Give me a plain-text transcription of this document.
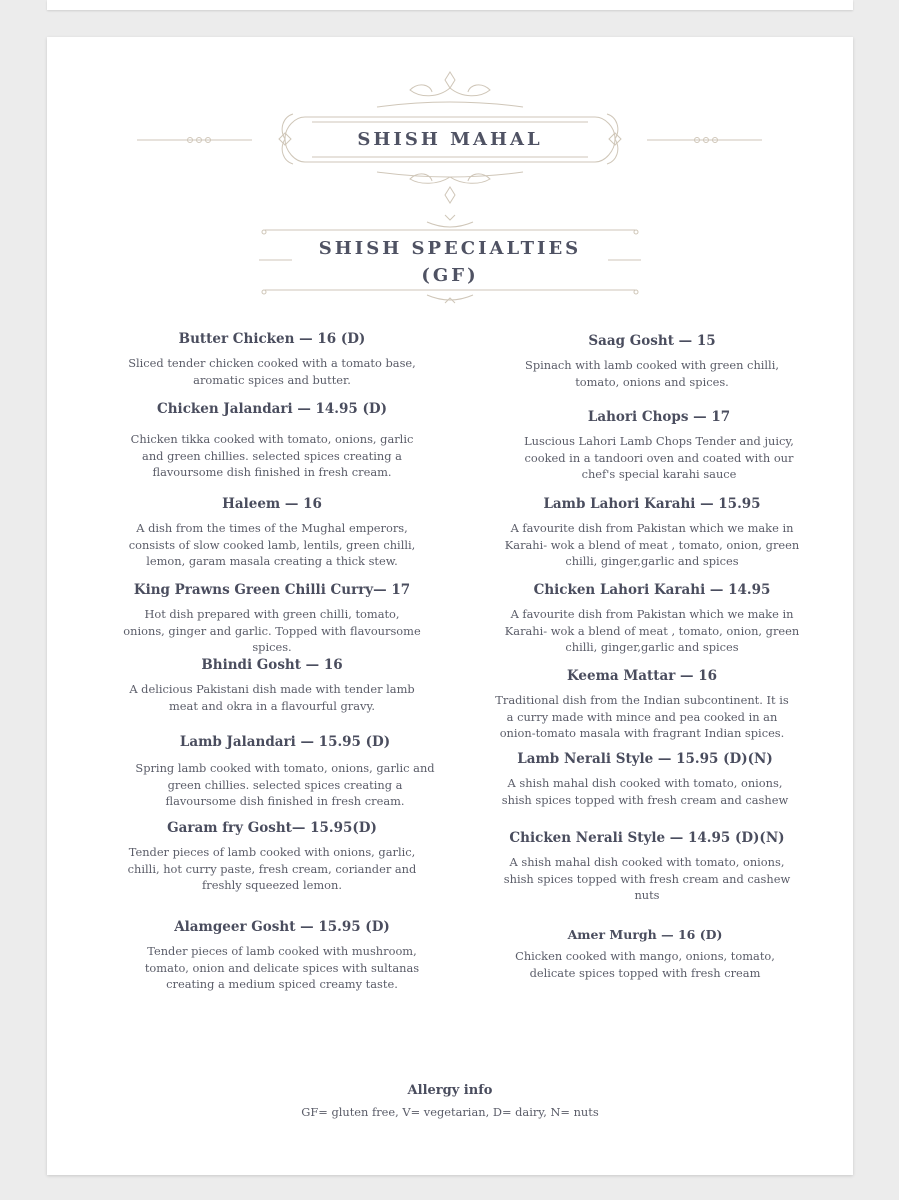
SHISH MAHAL
SHISH SPECIALTIES
(GF)
Butter Chicken — 16 (D)
Sliced tender chicken cooked with a tomato base, aromatic spices and butter.
Chicken Jalandari — 14.95 (D)
Chicken tikka cooked with tomato, onions, garlic and green chillies. selected spices creating a flavoursome dish finished in fresh cream.
Haleem — 16
A dish from the times of the Mughal emperors, consists of slow cooked lamb, lentils, green chilli, lemon, garam masala creating a thick stew.
King Prawns Green Chilli Curry— 17
Hot dish prepared with green chilli, tomato, onions, ginger and garlic. Topped with flavoursome spices.
Bhindi Gosht — 16
A delicious Pakistani dish made with tender lamb meat and okra in a flavourful gravy.
Lamb Jalandari — 15.95 (D)
Spring lamb cooked with tomato, onions, garlic and green chillies. selected spices creating a flavoursome dish finished in fresh cream.
Garam fry Gosht— 15.95(D)
Tender pieces of lamb cooked with onions, garlic, chilli, hot curry paste, fresh cream, coriander and freshly squeezed lemon.
Alamgeer Gosht — 15.95 (D)
Tender pieces of lamb cooked with mushroom, tomato, onion and delicate spices with sultanas creating a medium spiced creamy taste.
Saag Gosht — 15
Spinach with lamb cooked with green chilli, tomato, onions and spices.
Lahori Chops — 17
Luscious Lahori Lamb Chops Tender and juicy, cooked in a tandoori oven and coated with our chef's special karahi sauce
Lamb Lahori Karahi — 15.95
A favourite dish from Pakistan which we make in Karahi- wok a blend of meat , tomato, onion, green chilli, ginger,garlic and spices
Chicken Lahori Karahi — 14.95
A favourite dish from Pakistan which we make in Karahi- wok a blend of meat , tomato, onion, green chilli, ginger,garlic and spices
Keema Mattar — 16
Traditional dish from the Indian subcontinent. It is a curry made with mince and pea cooked in an onion-tomato masala with fragrant Indian spices.
Lamb Nerali Style — 15.95 (D)(N)
A shish mahal dish cooked with tomato, onions, shish spices topped with fresh cream and cashew
Chicken Nerali Style — 14.95 (D)(N)
A shish mahal dish cooked with tomato, onions, shish spices topped with fresh cream and cashew nuts
Amer Murgh — 16 (D)
Chicken cooked with mango, onions, tomato, delicate spices topped with fresh cream
Allergy info
GF= gluten free, V= vegetarian, D= dairy, N= nuts
